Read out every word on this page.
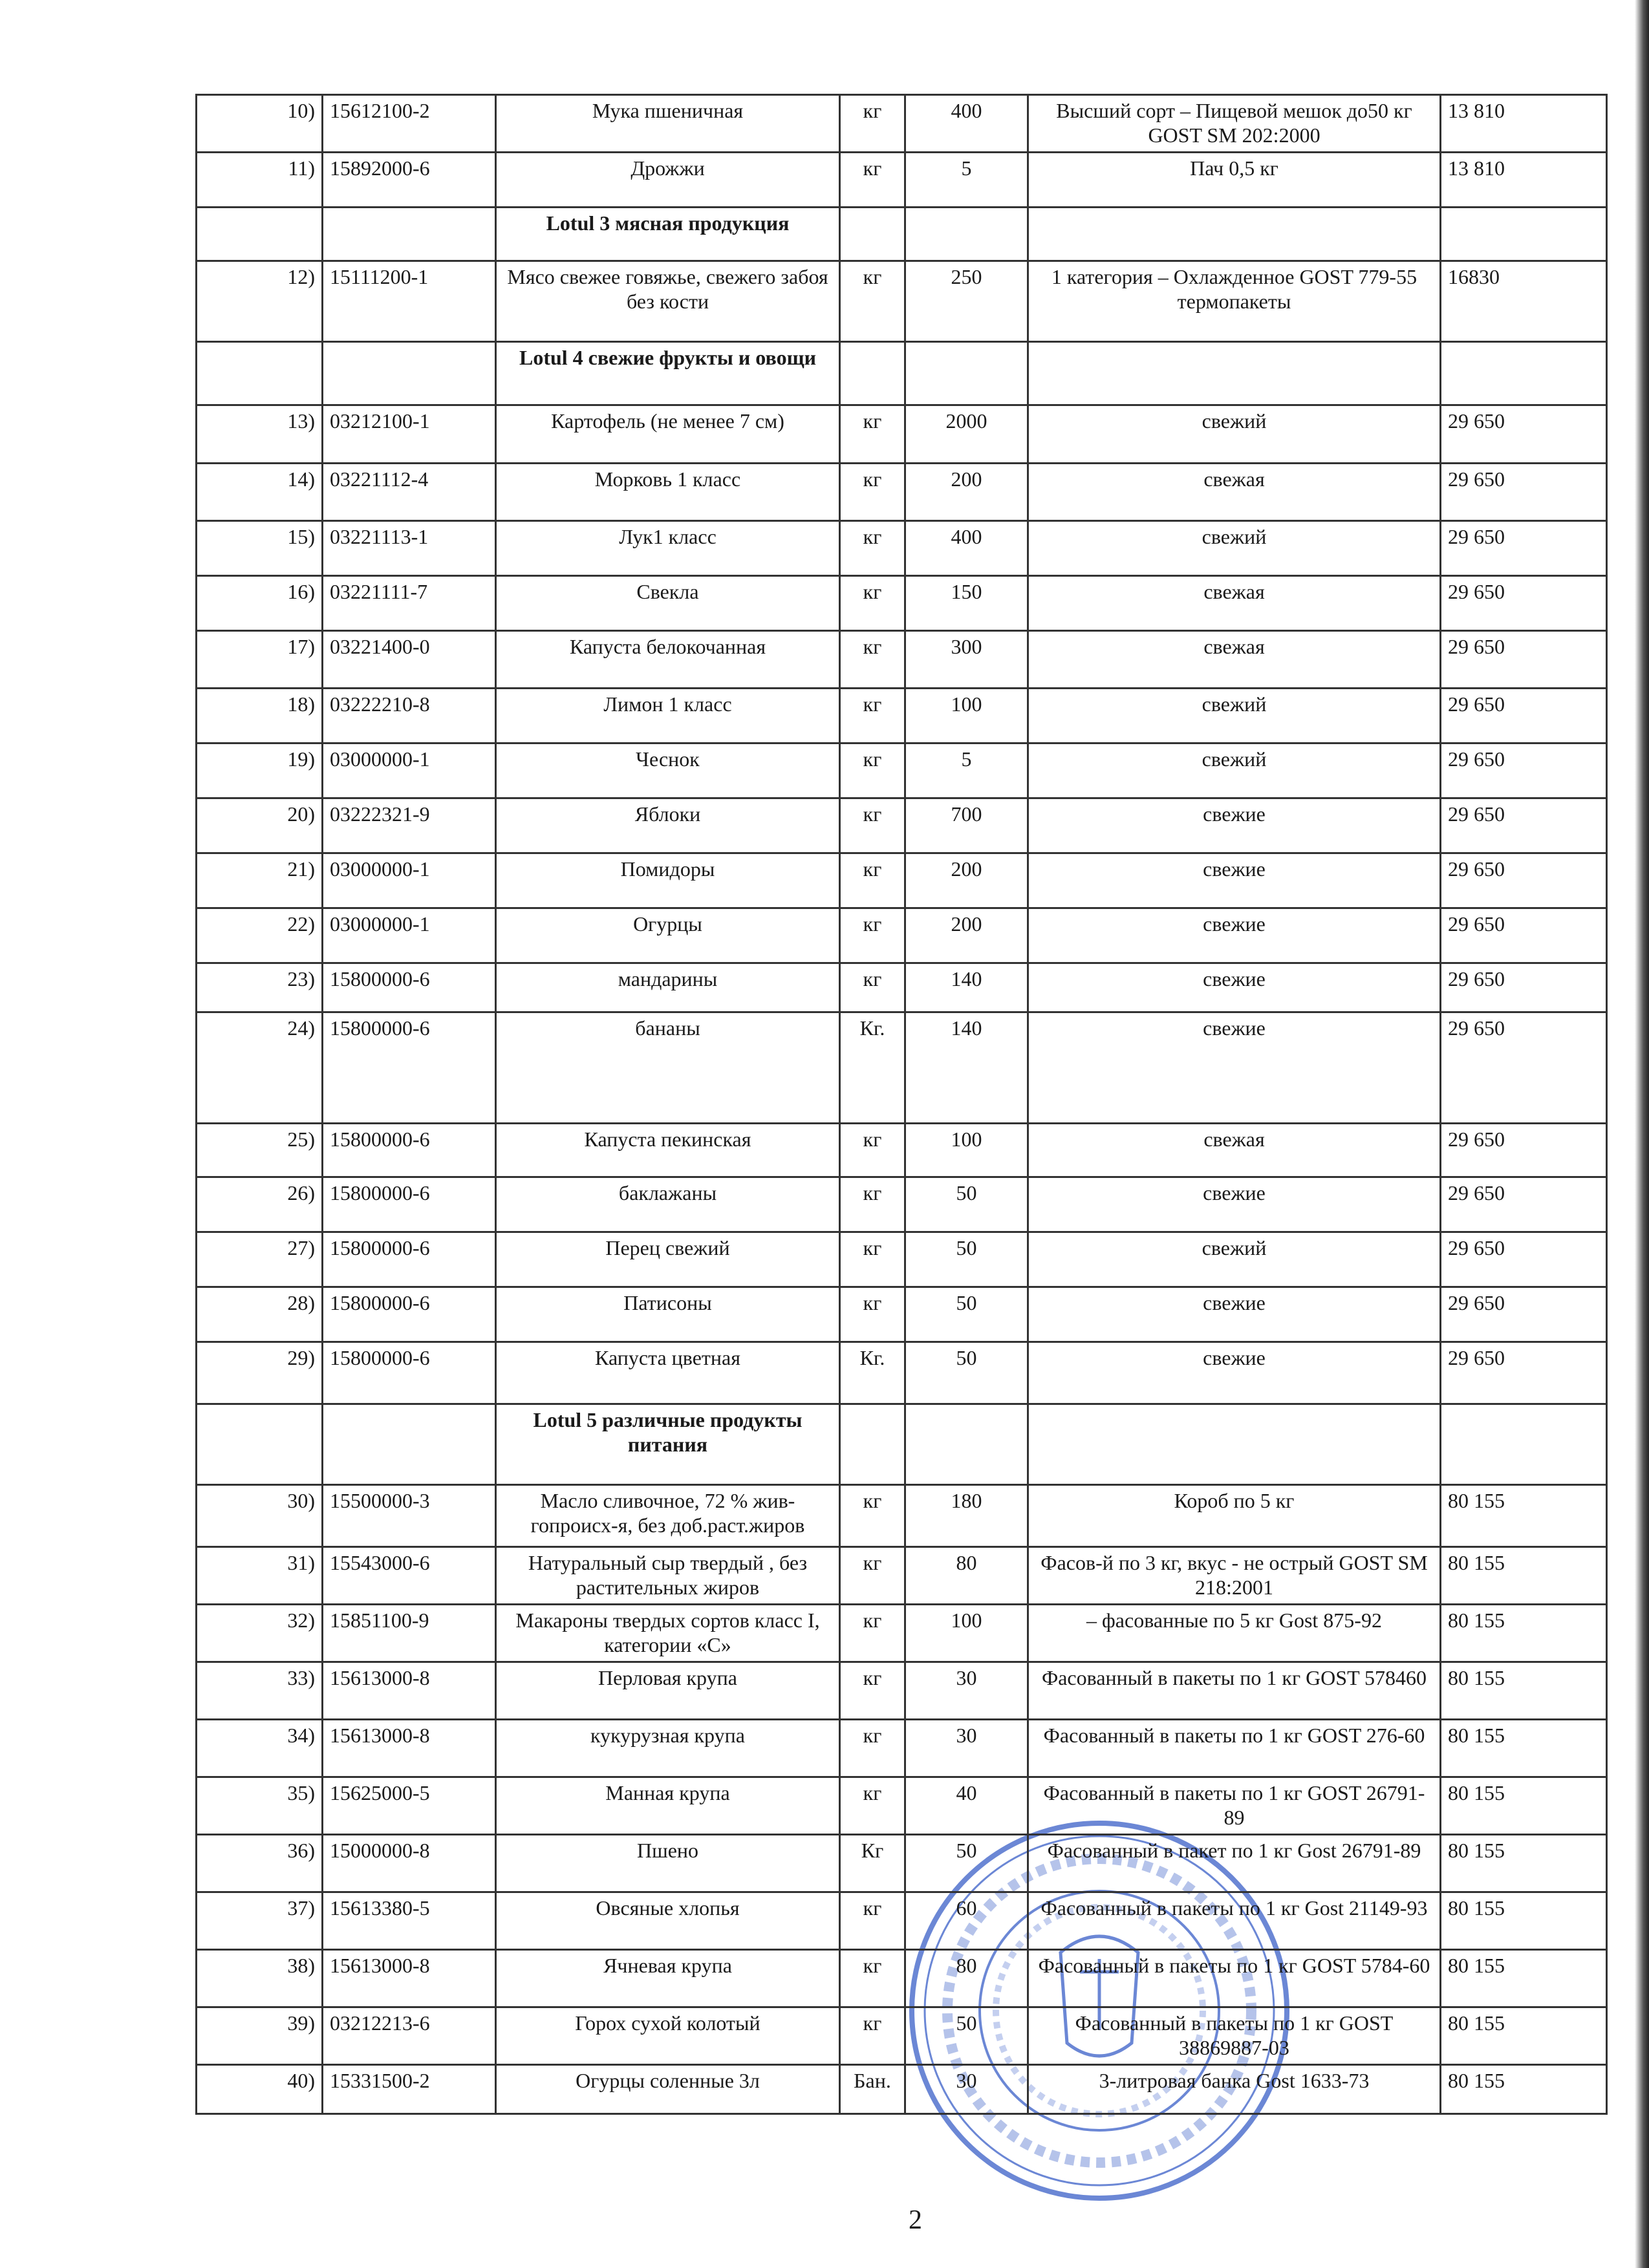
10)	15612100-2	Мука пшеничная	кг	400	Высший сорт – Пищевой мешок до50 кг GOST SM 202:2000	13 810
11)	15892000-6	Дрожжи	кг	5	Пач 0,5 кг	13 810
		Lotul 3 мясная продукция				
12)	15111200-1	Мясо свежее говяжье, свежего забоя без кости	кг	250	1 категория – Охлажденное GOST 779-55 термопакеты	16830
		Lotul 4 свежие фрукты и овощи				
13)	03212100-1	Картофель (не менее 7 см)	кг	2000	свежий	29 650
14)	03221112-4	Морковь 1 класс	кг	200	свежая	29 650
15)	03221113-1	Лук1 класс	кг	400	свежий	29 650
16)	03221111-7	Свекла	кг	150	свежая	29 650
17)	03221400-0	Капуста белокочанная	кг	300	свежая	29 650
18)	03222210-8	Лимон 1 класс	кг	100	свежий	29 650
19)	03000000-1	Чеснок	кг	5	свежий	29 650
20)	03222321-9	Яблоки	кг	700	свежие	29 650
21)	03000000-1	Помидоры	кг	200	свежие	29 650
22)	03000000-1	Огурцы	кг	200	свежие	29 650
23)	15800000-6	мандарины	кг	140	свежие	29 650
24)	15800000-6	бананы	Кг.	140	свежие	29 650
25)	15800000-6	Капуста пекинская	кг	100	свежая	29 650
26)	15800000-6	баклажаны	кг	50	свежие	29 650
27)	15800000-6	Перец свежий	кг	50	свежий	29 650
28)	15800000-6	Патисоны	кг	50	свежие	29 650
29)	15800000-6	Капуста цветная	Кг.	50	свежие	29 650
		Lotul 5 различные продукты питания				
30)	15500000-3	Масло сливочное, 72 % жив-гопроисх-я, без доб.раст.жиров	кг	180	Короб по 5 кг	80 155
31)	15543000-6	Натуральный сыр твердый , без растительных жиров	кг	80	Фасов-й по 3 кг, вкус - не острый GOST SM 218:2001	80 155
32)	15851100-9	Макароны твердых сортов класс I, категории «С»	кг	100	– фасованные по 5 кг Gost 875-92	80 155
33)	15613000-8	Перловая крупа	кг	30	Фасованный в пакеты по 1 кг GOST 578460	80 155
34)	15613000-8	кукурузная крупа	кг	30	Фасованный в пакеты по 1 кг GOST 276-60	80 155
35)	15625000-5	Манная крупа	кг	40	Фасованный в пакеты по 1 кг GOST 26791-89	80 155
36)	15000000-8	Пшено	Кг	50	Фасованный в пакет по 1 кг Gost 26791-89	80 155
37)	15613380-5	Овсяные хлопья	кг	60	Фасованный в пакеты по 1 кг Gost 21149-93	80 155
38)	15613000-8	Ячневая крупа	кг	80	Фасованный в пакеты по 1 кг GOST 5784-60	80 155
39)	03212213-6	Горох сухой колотый	кг	50	Фасованный в пакеты по 1 кг GOST 38869887-03	80 155
40)	15331500-2	Огурцы соленные 3л	Бан.	30	3-литровая банка Gost 1633-73	80 155
2
